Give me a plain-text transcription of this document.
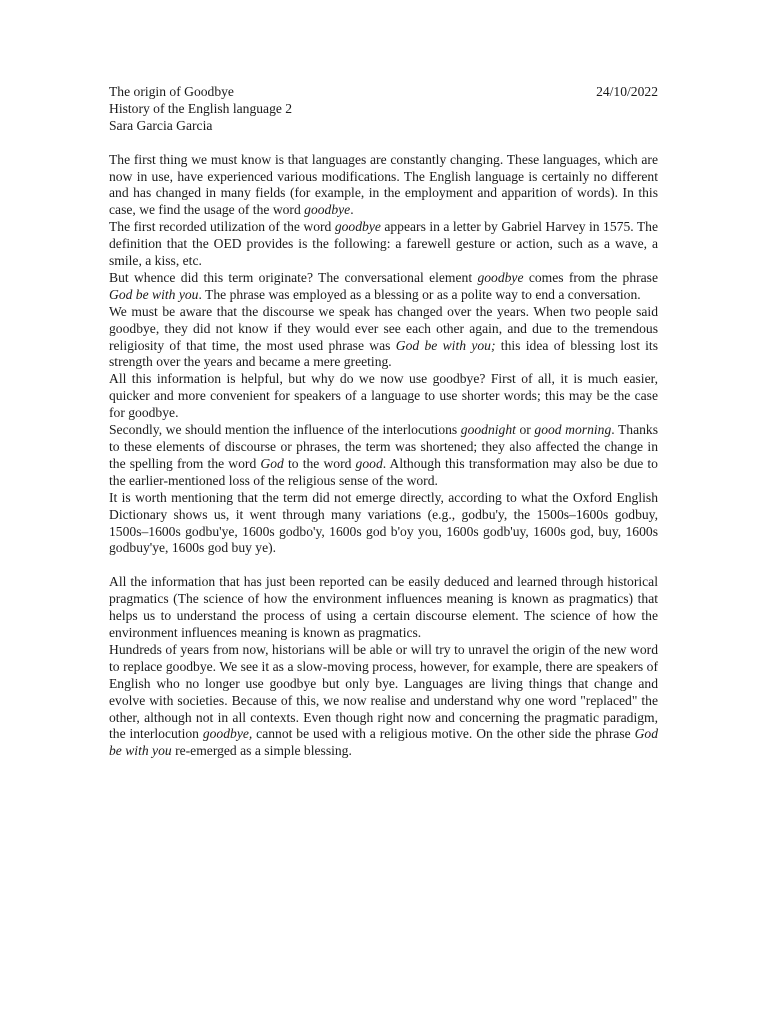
The origin of Goodbye	24/10/2022
History of the English language 2
Sara Garcia Garcia

The first thing we must know is that languages are constantly changing. These languages, which are now in use, have experienced various modifications. The English language is certainly no different and has changed in many fields (for example, in the employment and apparition of words). In this case, we find the usage of the word goodbye.

The first recorded utilization of the word goodbye appears in a letter by Gabriel Harvey in 1575. The definition that the OED provides is the following: a farewell gesture or action, such as a wave, a smile, a kiss, etc.

But whence did this term originate? The conversational element goodbye comes from the phrase God be with you. The phrase was employed as a blessing or as a polite way to end a conversation.

We must be aware that the discourse we speak has changed over the years. When two people said goodbye, they did not know if they would ever see each other again, and due to the tremendous religiosity of that time, the most used phrase was God be with you; this idea of blessing lost its strength over the years and became a mere greeting.

All this information is helpful, but why do we now use goodbye? First of all, it is much easier, quicker and more convenient for speakers of a language to use shorter words; this may be the case for goodbye.

Secondly, we should mention the influence of the interlocutions goodnight or good morning. Thanks to these elements of discourse or phrases, the term was shortened; they also affected the change in the spelling from the word God to the word good. Although this transformation may also be due to the earlier-mentioned loss of the religious sense of the word.

It is worth mentioning that the term did not emerge directly, according to what the Oxford English Dictionary shows us, it went through many variations (e.g., godbu'y, the 1500s–1600s godbuy, 1500s–1600s godbu'ye, 1600s godbo'y, 1600s god b'oy you, 1600s godb'uy, 1600s god, buy, 1600s godbuy'ye, 1600s god buy ye).

All the information that has just been reported can be easily deduced and learned through historical pragmatics (The science of how the environment influences meaning is known as pragmatics) that helps us to understand the process of using a certain discourse element. The science of how the environment influences meaning is known as pragmatics.

Hundreds of years from now, historians will be able or will try to unravel the origin of the new word to replace goodbye. We see it as a slow-moving process, however, for example, there are speakers of English who no longer use goodbye but only bye. Languages are living things that change and evolve with societies. Because of this, we now realise and understand why one word "replaced" the other, although not in all contexts. Even though right now and concerning the pragmatic paradigm, the interlocution goodbye, cannot be used with a religious motive. On the other side the phrase God be with you re-emerged as a simple blessing.
